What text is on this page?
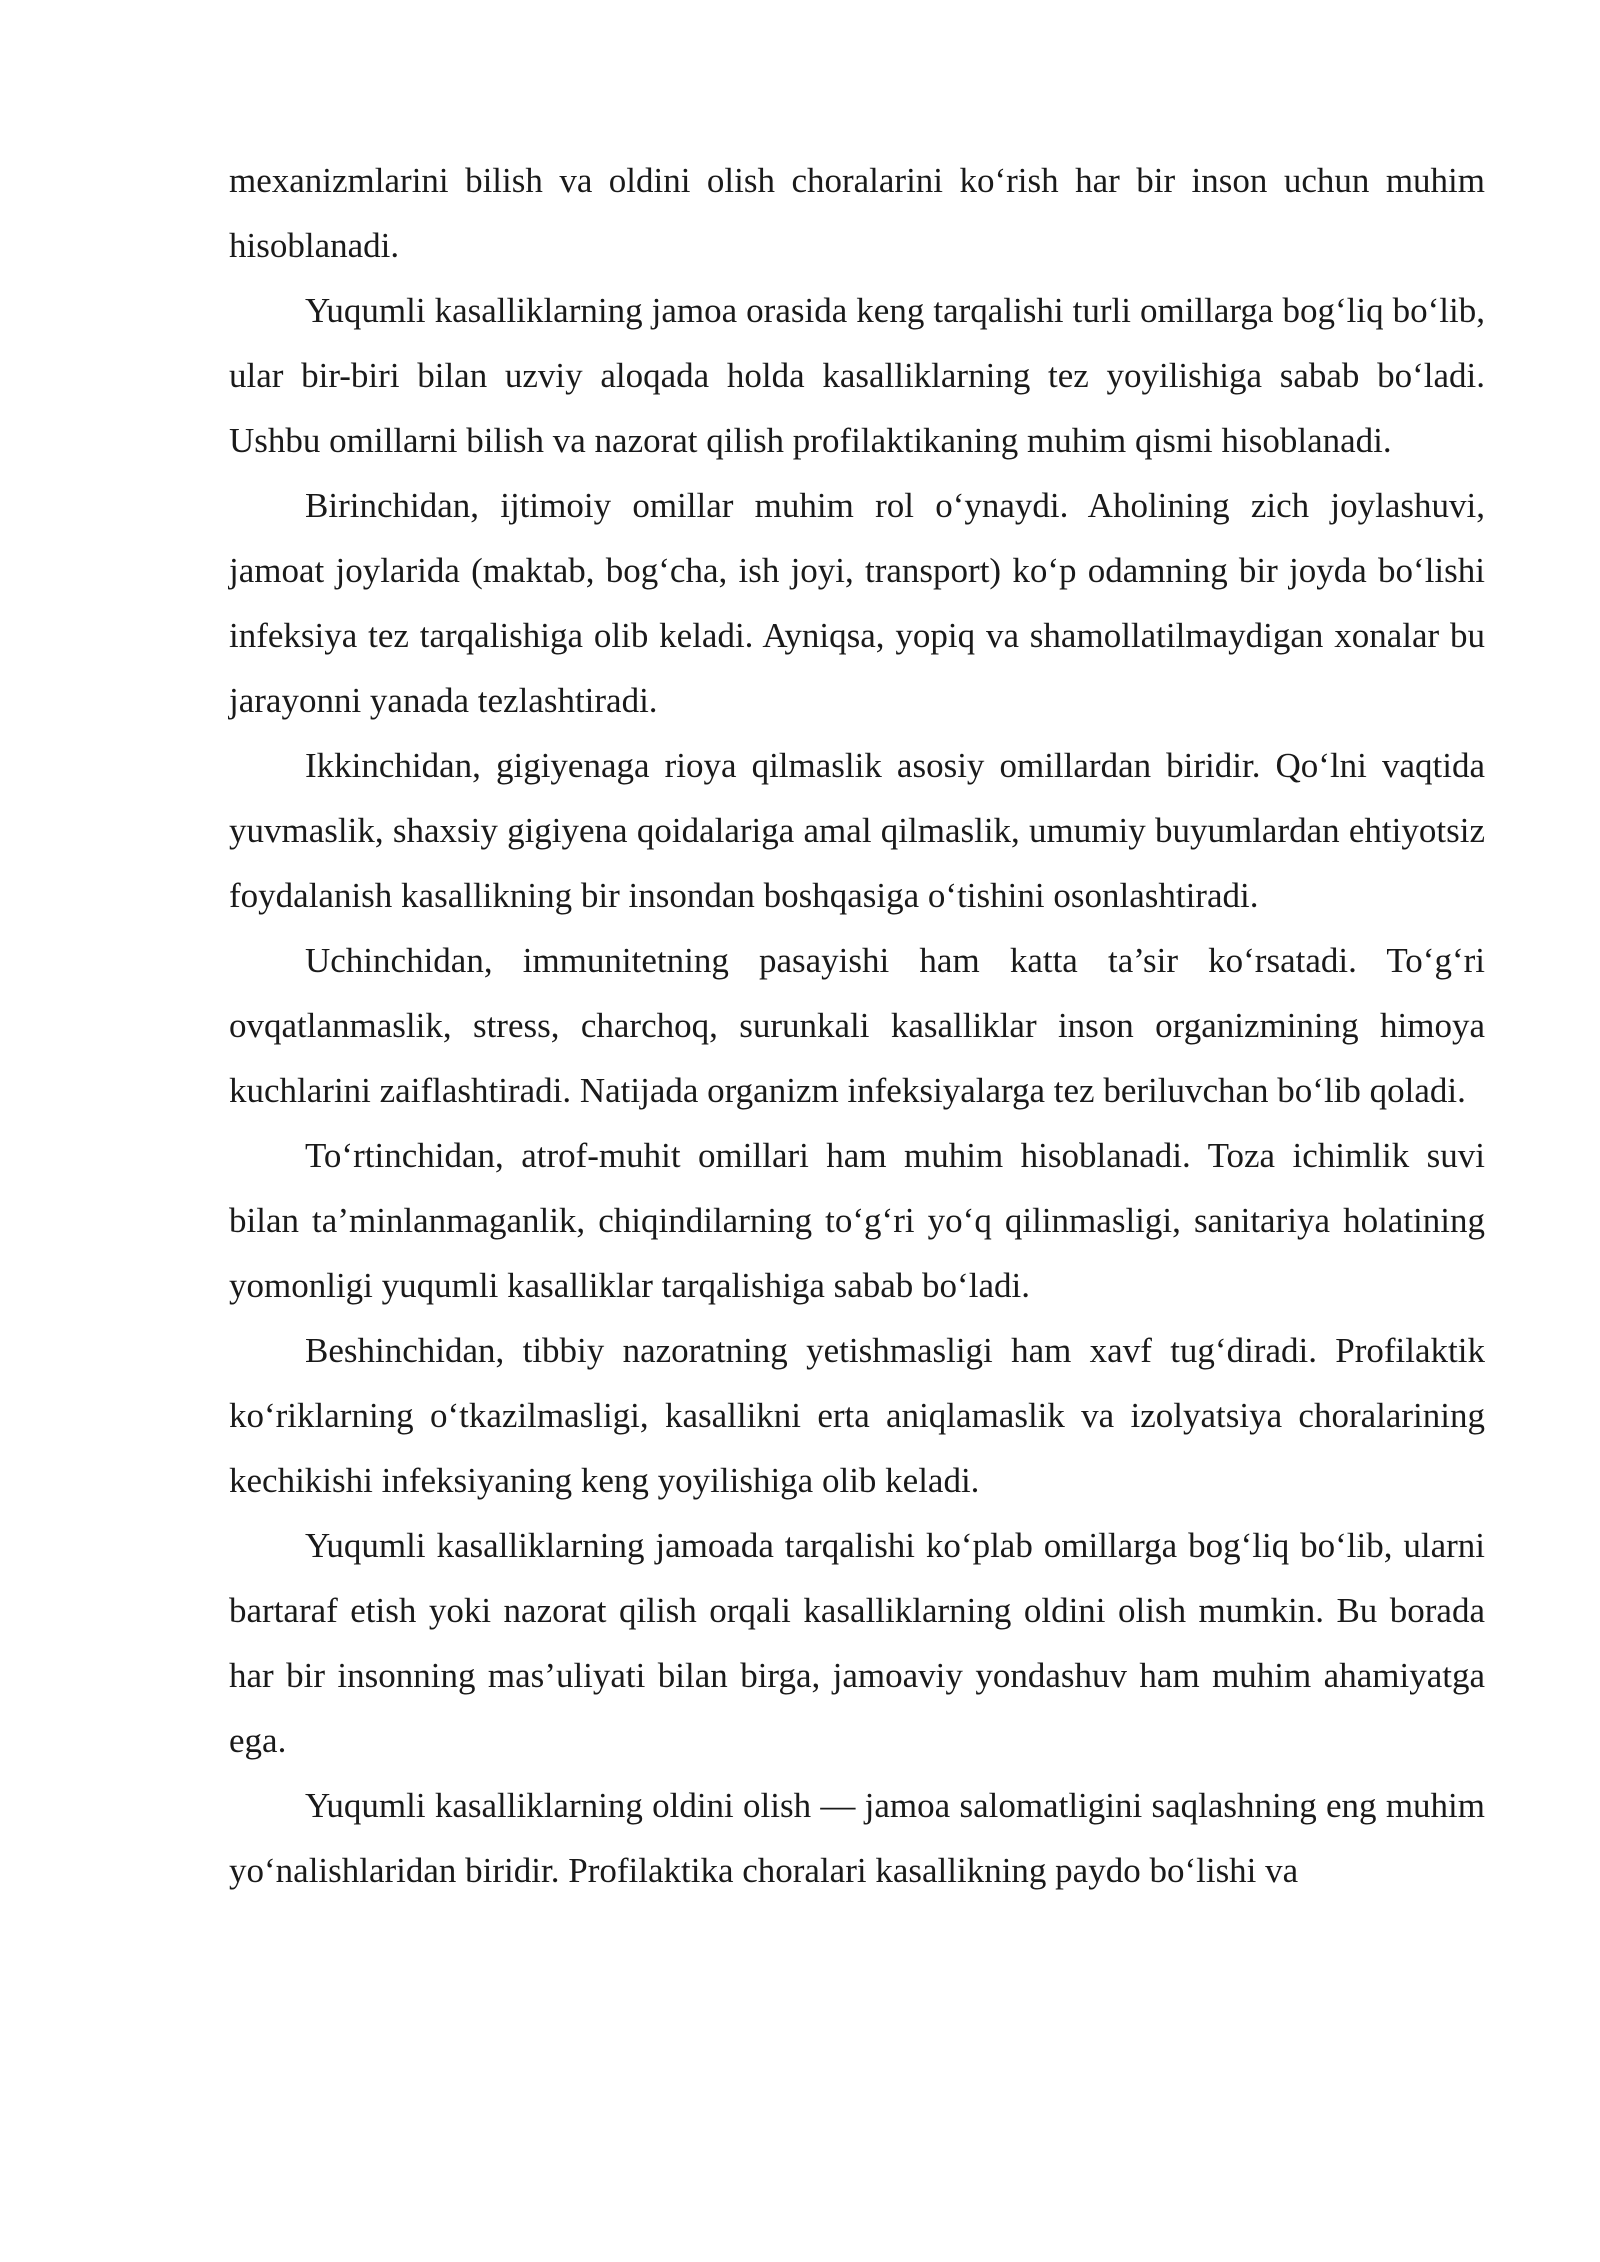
mexanizmlarini bilish va oldini olish choralarini ko‘rish har bir inson uchun muhim hisoblanadi.

Yuqumli kasalliklarning jamoa orasida keng tarqalishi turli omillarga bog‘liq bo‘lib, ular bir-biri bilan uzviy aloqada holda kasalliklarning tez yoyilishiga sabab bo‘ladi. Ushbu omillarni bilish va nazorat qilish profilaktikaning muhim qismi hisoblanadi.

Birinchidan, ijtimoiy omillar muhim rol o‘ynaydi. Aholining zich joylashuvi, jamoat joylarida (maktab, bog‘cha, ish joyi, transport) ko‘p odamning bir joyda bo‘lishi infeksiya tez tarqalishiga olib keladi. Ayniqsa, yopiq va shamollatilmaydigan xonalar bu jarayonni yanada tezlashtiradi.

Ikkinchidan, gigiyenaga rioya qilmaslik asosiy omillardan biridir. Qo‘lni vaqtida yuvmaslik, shaxsiy gigiyena qoidalariga amal qilmaslik, umumiy buyumlardan ehtiyotsiz foydalanish kasallikning bir insondan boshqasiga o‘tishini osonlashtiradi.

Uchinchidan, immunitetning pasayishi ham katta ta’sir ko‘rsatadi. To‘g‘ri ovqatlanmaslik, stress, charchoq, surunkali kasalliklar inson organizmining himoya kuchlarini zaiflashtiradi. Natijada organizm infeksiyalarga tez beriluvchan bo‘lib qoladi.

To‘rtinchidan, atrof-muhit omillari ham muhim hisoblanadi. Toza ichimlik suvi bilan ta’minlanmaganlik, chiqindilarning to‘g‘ri yo‘q qilinmasligi, sanitariya holatining yomonligi yuqumli kasalliklar tarqalishiga sabab bo‘ladi.

Beshinchidan, tibbiy nazoratning yetishmasligi ham xavf tug‘diradi. Profilaktik ko‘riklarning o‘tkazilmasligi, kasallikni erta aniqlamaslik va izolyatsiya choralarining kechikishi infeksiyaning keng yoyilishiga olib keladi.

Yuqumli kasalliklarning jamoada tarqalishi ko‘plab omillarga bog‘liq bo‘lib, ularni bartaraf etish yoki nazorat qilish orqali kasalliklarning oldini olish mumkin. Bu borada har bir insonning mas’uliyati bilan birga, jamoaviy yondashuv ham muhim ahamiyatga ega.

Yuqumli kasalliklarning oldini olish — jamoa salomatligini saqlashning eng muhim yo‘nalishlaridan biridir. Profilaktika choralari kasallikning paydo bo‘lishi va
